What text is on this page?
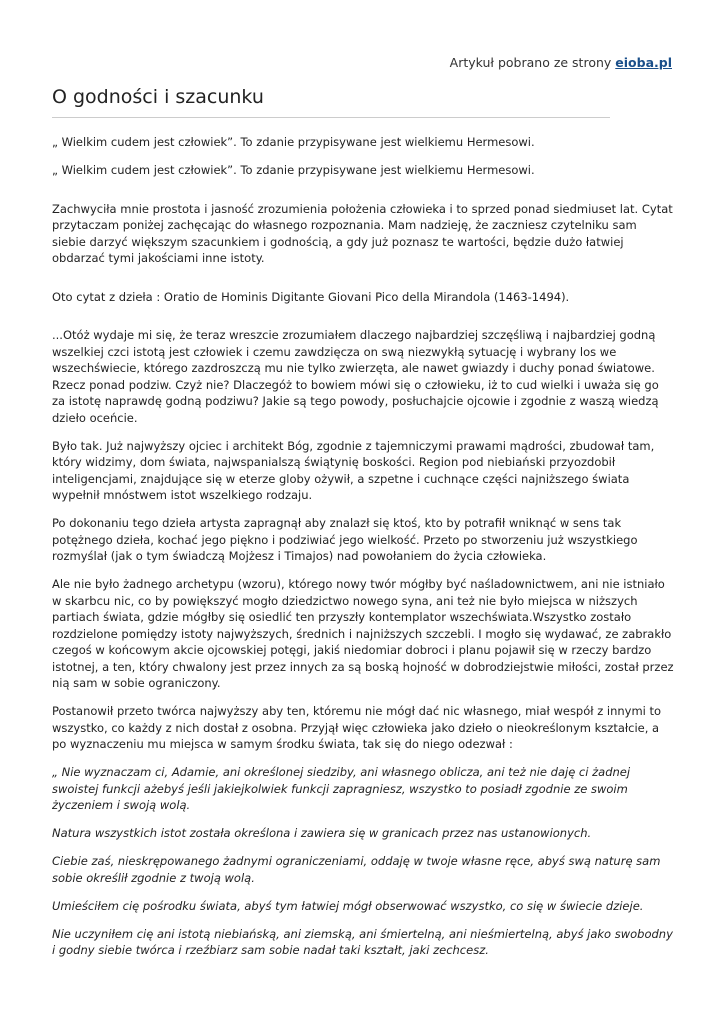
Artykuł pobrano ze strony eioba.pl
O godności i szacunku

„ Wielkim cudem jest człowiek”. To zdanie przypisywane jest wielkiemu Hermesowi.

„ Wielkim cudem jest człowiek”. To zdanie przypisywane jest wielkiemu Hermesowi.

Zachwyciła mnie prostota i jasność zrozumienia położenia człowieka i to sprzed ponad siedmiuset lat. Cytat przytaczam poniżej zachęcając do własnego rozpoznania. Mam nadzieję, że zaczniesz czytelniku sam siebie darzyć większym szacunkiem i godnością, a gdy już poznasz te wartości, będzie dużo łatwiej obdarzać tymi jakościami inne istoty.

Oto cytat z dzieła : Oratio de Hominis Digitante Giovani Pico della Mirandola (1463-1494).

...Otóż wydaje mi się, że teraz wreszcie zrozumiałem dlaczego najbardziej szczęśliwą i najbardziej godną wszelkiej czci istotą jest człowiek i czemu zawdzięcza on swą niezwykłą sytuację i wybrany los we wszechświecie, którego zazdroszczą mu nie tylko zwierzęta, ale nawet gwiazdy i duchy ponad światowe. Rzecz ponad podziw. Czyż nie? Dlaczegóż to bowiem mówi się o człowieku, iż to cud wielki i uważa się go za istotę naprawdę godną podziwu? Jakie są tego powody, posłuchajcie ojcowie i zgodnie z waszą wiedzą dzieło oceńcie.

Było tak. Już najwyższy ojciec i architekt Bóg, zgodnie z tajemniczymi prawami mądrości, zbudował tam, który widzimy, dom świata, najwspanialszą świątynię boskości. Region pod niebiański przyozdobił inteligencjami, znajdujące się w eterze globy ożywił, a szpetne i cuchnące części najniższego świata wypełnił mnóstwem istot wszelkiego rodzaju.

Po dokonaniu tego dzieła artysta zapragnął aby znalazł się ktoś, kto by potrafił wniknąć w sens tak potężnego dzieła, kochać jego piękno i podziwiać jego wielkość. Przeto po stworzeniu już wszystkiego rozmyślał (jak o tym świadczą Mojżesz i Timajos) nad powołaniem do życia człowieka.

Ale nie było żadnego archetypu (wzoru), którego nowy twór mógłby być naśladownictwem, ani nie istniało w skarbcu nic, co by powiększyć mogło dziedzictwo nowego syna, ani też nie było miejsca w niższych partiach świata, gdzie mógłby się osiedlić ten przyszły kontemplator wszechświata.Wszystko zostało rozdzielone pomiędzy istoty najwyższych, średnich i najniższych szczebli. I mogło się wydawać, ze zabrakło czegoś w końcowym akcie ojcowskiej potęgi, jakiś niedomiar dobroci i planu pojawił się w rzeczy bardzo istotnej, a ten, który chwalony jest przez innych za są boską hojność w dobrodziejstwie miłości, został przez nią sam w sobie ograniczony.

Postanowił przeto twórca najwyższy aby ten, któremu nie mógł dać nic własnego, miał wespół z innymi to wszystko, co każdy z nich dostał z osobna. Przyjął więc człowieka jako dzieło o nieokreślonym kształcie, a po wyznaczeniu mu miejsca w samym środku świata, tak się do niego odezwał :

„ Nie wyznaczam ci, Adamie, ani określonej siedziby, ani własnego oblicza, ani też nie daję ci żadnej swoistej funkcji ażebyś jeśli jakiejkolwiek funkcji zapragniesz, wszystko to posiadł zgodnie ze swoim życzeniem i swoją wolą.

Natura wszystkich istot została określona i zawiera się w granicach przez nas ustanowionych.

Ciebie zaś, nieskrępowanego żadnymi ograniczeniami, oddaję w twoje własne ręce, abyś swą naturę sam sobie określił zgodnie z twoją wolą.

Umieściłem cię pośrodku świata, abyś tym łatwiej mógł obserwować wszystko, co się w świecie dzieje.

Nie uczyniłem cię ani istotą niebiańską, ani ziemską, ani śmiertelną, ani nieśmiertelną, abyś jako swobodny i godny siebie twórca i rzeźbiarz sam sobie nadał taki kształt, jaki zechcesz.
